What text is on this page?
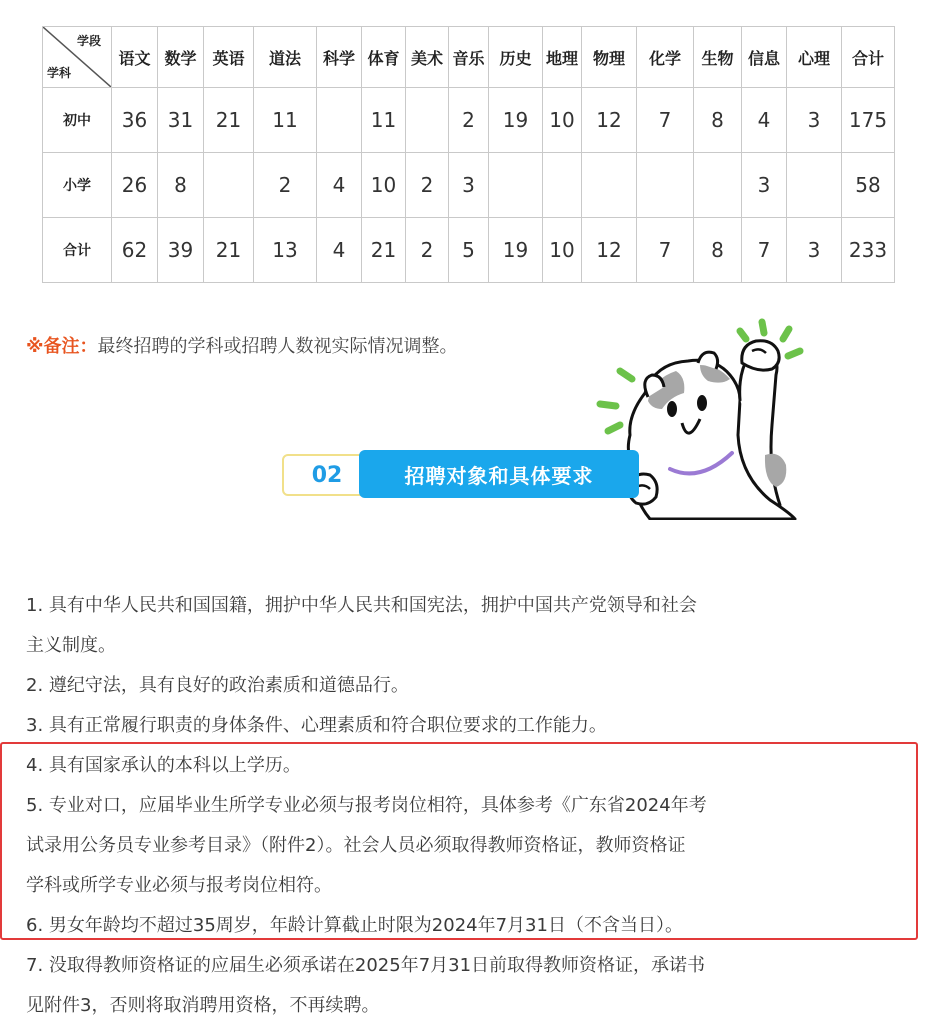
学段
学科	语文	数学	英语	道法	科学	体育	美术	音乐	历史	地理	物理	化学	生物	信息	心理	合计
初中	36	31	21	11		11		2	19	10	12	7	8	4	3	175
小学	26	8		2	4	10	2	3						3		58
合计	62	39	21	13	4	21	2	5	19	10	12	7	8	7	3	233
※备注：最终招聘的学科或招聘人数视实际情况调整。
02	招聘对象和具体要求

1. 具有中华人民共和国国籍，拥护中华人民共和国宪法，拥护中国共产党领导和社会

主义制度。

2. 遵纪守法，具有良好的政治素质和道德品行。

3. 具有正常履行职责的身体条件、心理素质和符合职位要求的工作能力。

4. 具有国家承认的本科以上学历。

5. 专业对口，应届毕业生所学专业必须与报考岗位相符，具体参考《广东省2024年考

试录用公务员专业参考目录》（附件2）。社会人员必须取得教师资格证，教师资格证

学科或所学专业必须与报考岗位相符。

6. 男女年龄均不超过35周岁，年龄计算截止时限为2024年7月31日（不含当日）。

7. 没取得教师资格证的应届生必须承诺在2025年7月31日前取得教师资格证，承诺书

见附件3，否则将取消聘用资格，不再续聘。
